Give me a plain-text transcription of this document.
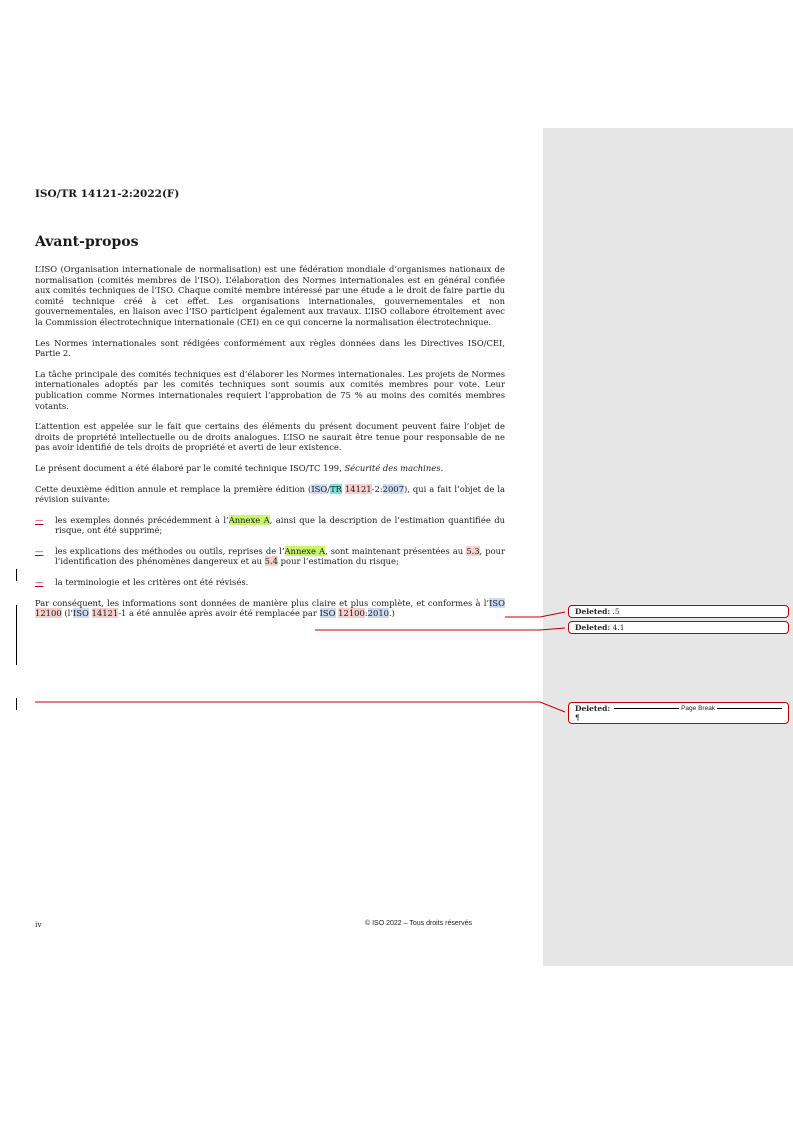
ISO/TR 14121-2:2022(F)
Avant-propos

L’ISO (Organisation internationale de normalisation) est une fédération mondiale d’organismes nationaux de normalisation (comités membres de l’ISO). L’élaboration des Normes internationales est en général confiée aux comités techniques de l’ISO. Chaque comité membre intéressé par une étude a le droit de faire partie du comité technique créé à cet effet. Les organisations internationales, gouvernementales et non gouvernementales, en liaison avec l’ISO participent également aux travaux. L’ISO collabore étroitement avec la Commission électrotechnique internationale (CEI) en ce qui concerne la normalisation électrotechnique.

Les Normes internationales sont rédigées conformément aux règles données dans les Directives ISO/CEI, Partie 2.

La tâche principale des comités techniques est d’élaborer les Normes internationales. Les projets de Normes internationales adoptés par les comités techniques sont soumis aux comités membres pour vote. Leur publication comme Normes internationales requiert l’approbation de 75 % au moins des comités membres votants.

L’attention est appelée sur le fait que certains des éléments du présent document peuvent faire l’objet de droits de propriété intellectuelle ou de droits analogues. L’ISO ne saurait être tenue pour responsable de ne pas avoir identifié de tels droits de propriété et averti de leur existence.

Le présent document a été élaboré par le comité technique ISO/TC 199, Sécurité des machines.

Cette deuxième édition annule et remplace la première édition (ISO/TR 14121-2:2007), qui a fait l’objet de la révision suivante:

—	les exemples donnés précédemment à l’Annexe A, ainsi que la description de l’estimation quantifiée du risque, ont été supprimé;
—	les explications des méthodes ou outils, reprises de l’Annexe A, sont maintenant présentées au 5.3, pour l’identification des phénomènes dangereux et au 5.4 pour l’estimation du risque;
—	la terminologie et les critères ont été révisés.

Par conséquent, les informations sont données de manière plus claire et plus complète, et conformes à l’ISO 12100 (l’ISO 14121-1 a été annulée après avoir été remplacée par ISO 12100:2010.)	Deleted: .5
Deleted: 4.1
Deleted:	Page Break
¶
iv	© ISO 2022 – Tous droits réservés
